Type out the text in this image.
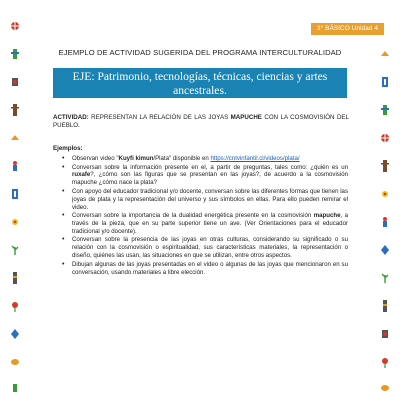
3° BÁSICO Unidad 4
EJEMPLO DE ACTIVIDAD SUGERIDA DEL PROGRAMA INTERCULTURALIDAD
EJE: Patrimonio, tecnologías, técnicas, ciencias y artes
ancestrales.
ACTIVIDAD: REPRESENTAN LA RELACIÓN DE LAS JOYAS MAPUCHE CON LA COSMOVISIÓN DEL PUEBLO.
Ejemplos:
• Observan video "Kuyfi kimun/Plata" disponible en https://cntvinfantil.cl/videos/plata/
• Conversan sobre la información presente en el, a partir de preguntas, tales como: ¿quién es un ruxafe?, ¿cómo son las figuras que se presentan en las joyas?, de acuerdo a la cosmovisión mapuche ¿cómo nace la plata?
• Con apoyo del educador tradicional y/o docente, conversan sobre las diferentes formas que tienen las joyas de plata y la representación del universo y sus símbolos en ellas. Para ello pueden remirar el video.
• Conversan sobre la importancia de la dualidad energética presente en la cosmovisión mapuche, a través de la pieza, que en su parte superior tiene un ave. (Ver Orientaciones para el educador tradicional y/o docente).
• Conversan sobre la presencia de las joyas en otras culturas, considerando su significado o su relación con la cosmovisión o espiritualidad, sus características materiales, la representación o diseño, quiénes las usan, las situaciones en que se utilizan, entre otros aspectos.
• Dibujan algunas de las joyas presentadas en el video o algunas de las joyas que mencionaron en su conversación, usando materiales a libre elección.
